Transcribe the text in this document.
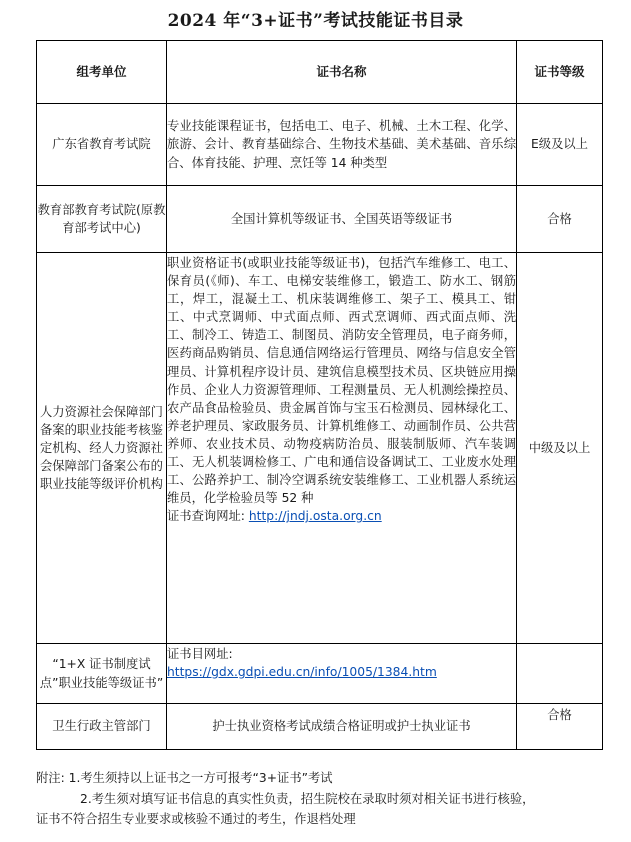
2024 年“3+证书”考试技能证书目录
组考单位	证书名称	证书等级
广东省教育考试院	专业技能课程证书，包括电工、电子、机械、土木工程、化学、旅游、会计、教育基础综合、生物技术基础、美术基础、音乐综合、体育技能、护理、烹饪等 14 种类型	E级及以上
教育部教育考试院(原教育部考试中心)	全国计算机等级证书、全国英语等级证书	合格
人力资源社会保障部门备案的职业技能考核鉴定机构、经人力资源社会保障部门备案公布的职业技能等级评价机构	职业资格证书(或职业技能等级证书)，包括汽车维修工、电工、保育员(《师)、车工、电梯安装维修工，锻造工、防水工、钢筋工，焊工，混凝土工、机床装调维修工、架子工、模具工、钳工、中式烹调师、中式面点师、西式烹调师、西式面点师、洗工、制冷工、铸造工、制图员、消防安全管理员，电子商务师，医药商品购销员、信息通信网络运行管理员、网络与信息安全管理员、计算机程序设计员、建筑信息模型技术员、区块链应用操作员、企业人力资源管理师、工程测量员、无人机测绘操控员、农产品食品检验员、贵金属首饰与宝玉石检测员、园林绿化工、养老护理员、家政服务员、计算机维修工、动画制作员、公共营养师、农业技术员、动物疫病防治员、服装制版师、汽车装调工、无人机装调检修工、广电和通信设备调试工、工业废水处理工、公路养护工、制冷空调系统安装维修工、工业机器人系统运维员，化学检验员等 52 种
证书查询网址: http://jndj.osta.org.cn	中级及以上
“1+X 证书制度试点”职业技能等级证书”	证书目网址:
https://gdx.gdpi.edu.cn/info/1005/1384.htm	
卫生行政主管部门	护士执业资格考试成绩合格证明或护士执业证书	合格
附注: 1.考生须持以上证书之一方可报考“3+证书”考试
2.考生须对填写证书信息的真实性负责，招生院校在录取时须对相关证书进行核验，
证书不符合招生专业要求或核验不通过的考生，作退档处理
